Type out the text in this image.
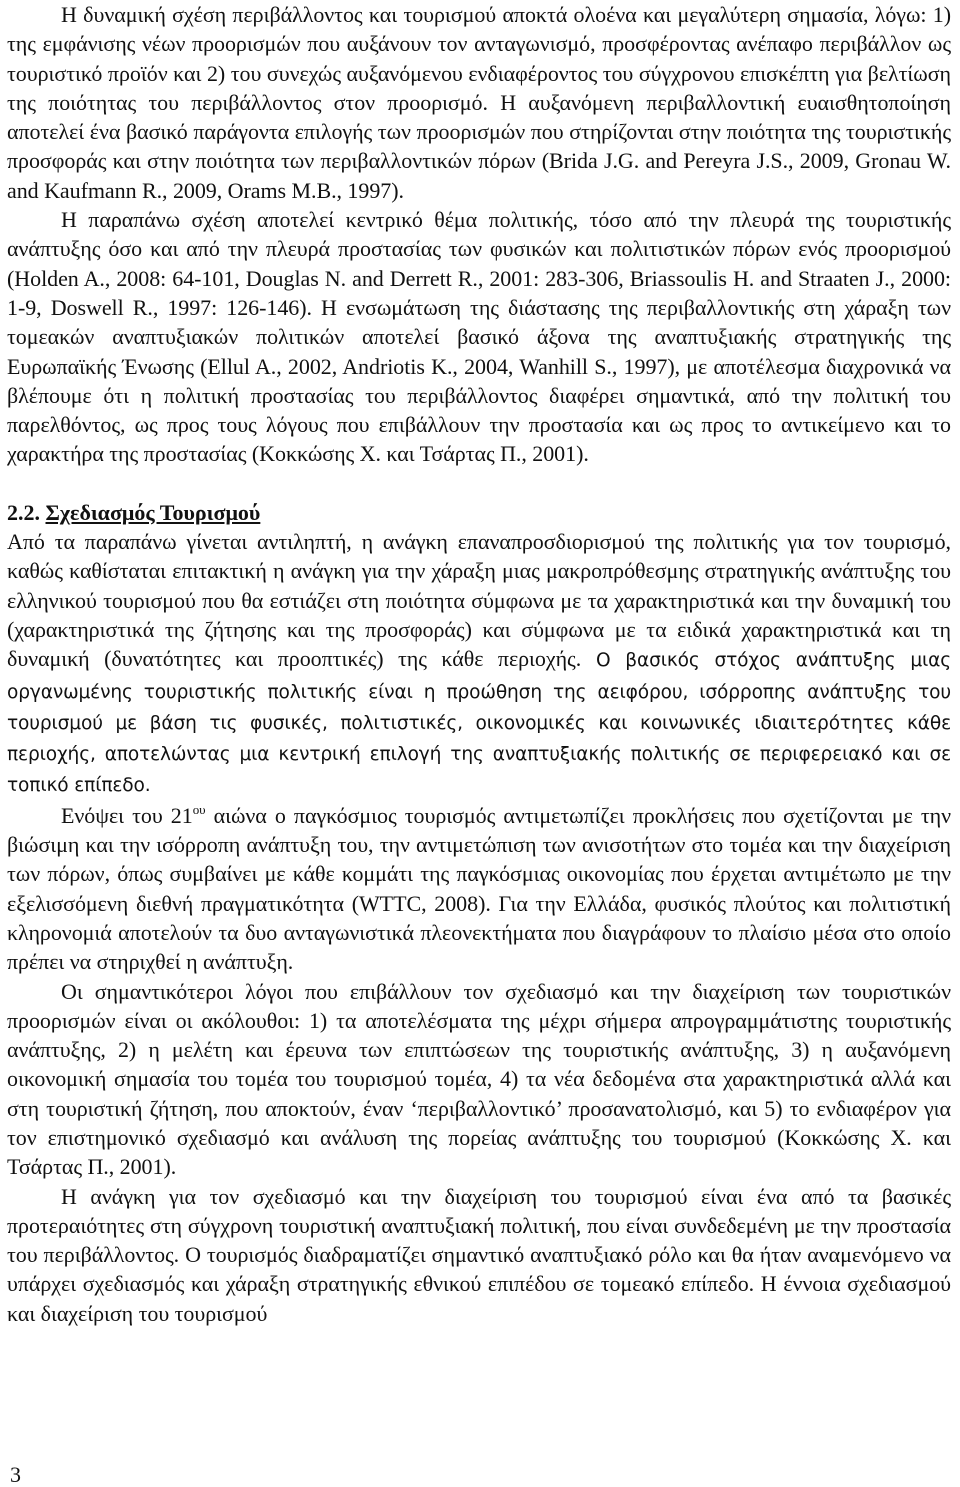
Η δυναμική σχέση περιβάλλοντος και τουρισμού αποκτά ολοένα και μεγαλύτερη σημασία, λόγω: 1) της εμφάνισης νέων προορισμών που αυξάνουν τον ανταγωνισμό, προσφέροντας ανέπαφο περιβάλλον ως τουριστικό προϊόν και 2) του συνεχώς αυξανόμενου ενδιαφέροντος του σύγχρονου επισκέπτη για βελτίωση της ποιότητας του περιβάλλοντος στον προορισμό. Η αυξανόμενη περιβαλλοντική ευαισθητοποίηση αποτελεί ένα βασικό παράγοντα επιλογής των προορισμών που στηρίζονται στην ποιότητα της τουριστικής προσφοράς και στην ποιότητα των περιβαλλοντικών πόρων (Brida J.G. and Pereyra J.S., 2009, Gronau W. and Kaufmann R., 2009, Orams M.B., 1997).

Η παραπάνω σχέση αποτελεί κεντρικό θέμα πολιτικής, τόσο από την πλευρά της τουριστικής ανάπτυξης όσο και από την πλευρά προστασίας των φυσικών και πολιτιστικών πόρων ενός προορισμού (Holden A., 2008: 64-101, Douglas N. and Derrett R., 2001: 283-306, Briassoulis H. and Straaten J., 2000: 1-9, Doswell R., 1997: 126-146). Η ενσωμάτωση της διάστασης της περιβαλλοντικής στη χάραξη των τομεακών αναπτυξιακών πολιτικών αποτελεί βασικό άξονα της αναπτυξιακής στρατηγικής της Ευρωπαϊκής Ένωσης (Ellul A., 2002, Andriotis K., 2004, Wanhill S., 1997), με αποτέλεσμα διαχρονικά να βλέπουμε ότι η πολιτική προστασίας του περιβάλλοντος διαφέρει σημαντικά, από την πολιτική του παρελθόντος, ως προς τους λόγους που επιβάλλουν την προστασία και ως προς το αντικείμενο και το χαρακτήρα της προστασίας (Κοκκώσης Χ. και Τσάρτας Π., 2001).

2.2. Σχεδιασμός Τουρισμού

Από τα παραπάνω γίνεται αντιληπτή, η ανάγκη επαναπροσδιορισμού της πολιτικής για τον τουρισμό, καθώς καθίσταται επιτακτική η ανάγκη για την χάραξη μιας μακροπρόθεσμης στρατηγικής ανάπτυξης του ελληνικού τουρισμού που θα εστιάζει στη ποιότητα σύμφωνα με τα χαρακτηριστικά και την δυναμική του (χαρακτηριστικά της ζήτησης και της προσφοράς) και σύμφωνα με τα ειδικά χαρακτηριστικά και τη δυναμική (δυνατότητες και προοπτικές) της κάθε περιοχής. Ο βασικός στόχος ανάπτυξης μιας οργανωμένης τουριστικής πολιτικής είναι η προώθηση της αειφόρου, ισόρροπης ανάπτυξης του τουρισμού με βάση τις φυσικές, πολιτιστικές, οικονομικές και κοινωνικές ιδιαιτερότητες κάθε περιοχής, αποτελώντας μια κεντρική επιλογή της αναπτυξιακής πολιτικής σε περιφερειακό και σε τοπικό επίπεδο.

Ενόψει του $21^{o\upsilon}$ αιώνα ο παγκόσμιος τουρισμός αντιμετωπίζει προκλήσεις που σχετίζονται με την βιώσιμη και την ισόρροπη ανάπτυξη του, την αντιμετώπιση των ανισοτήτων στο τομέα και την διαχείριση των πόρων, όπως συμβαίνει με κάθε κομμάτι της παγκόσμιας οικονομίας που έρχεται αντιμέτωπο με την εξελισσόμενη διεθνή πραγματικότητα (WTTC, 2008). Για την Ελλάδα, φυσικός πλούτος και πολιτιστική κληρονομιά αποτελούν τα δυο ανταγωνιστικά πλεονεκτήματα που διαγράφουν το πλαίσιο μέσα στο οποίο πρέπει να στηριχθεί η ανάπτυξη.

Οι σημαντικότεροι λόγοι που επιβάλλουν τον σχεδιασμό και την διαχείριση των τουριστικών προορισμών είναι οι ακόλουθοι: 1) τα αποτελέσματα της μέχρι σήμερα απρογραμμάτιστης τουριστικής ανάπτυξης, 2) η μελέτη και έρευνα των επιπτώσεων της τουριστικής ανάπτυξης, 3) η αυξανόμενη οικονομική σημασία του τομέα του τουρισμού τομέα, 4) τα νέα δεδομένα στα χαρακτηριστικά αλλά και στη τουριστική ζήτηση, που αποκτούν, έναν ‘περιβαλλοντικό’ προσανατολισμό, και 5) το ενδιαφέρον για τον επιστημονικό σχεδιασμό και ανάλυση της πορείας ανάπτυξης του τουρισμού (Κοκκώσης Χ. και Τσάρτας Π., 2001).

Η ανάγκη για τον σχεδιασμό και την διαχείριση του τουρισμού είναι ένα από τα βασικές προτεραιότητες στη σύγχρονη τουριστική αναπτυξιακή πολιτική, που είναι συνδεδεμένη με την προστασία του περιβάλλοντος. Ο τουρισμός διαδραματίζει σημαντικό αναπτυξιακό ρόλο και θα ήταν αναμενόμενο να υπάρχει σχεδιασμός και χάραξη στρατηγικής εθνικού επιπέδου σε τομεακό επίπεδο. Η έννοια σχεδιασμού και διαχείριση του τουρισμού

3
